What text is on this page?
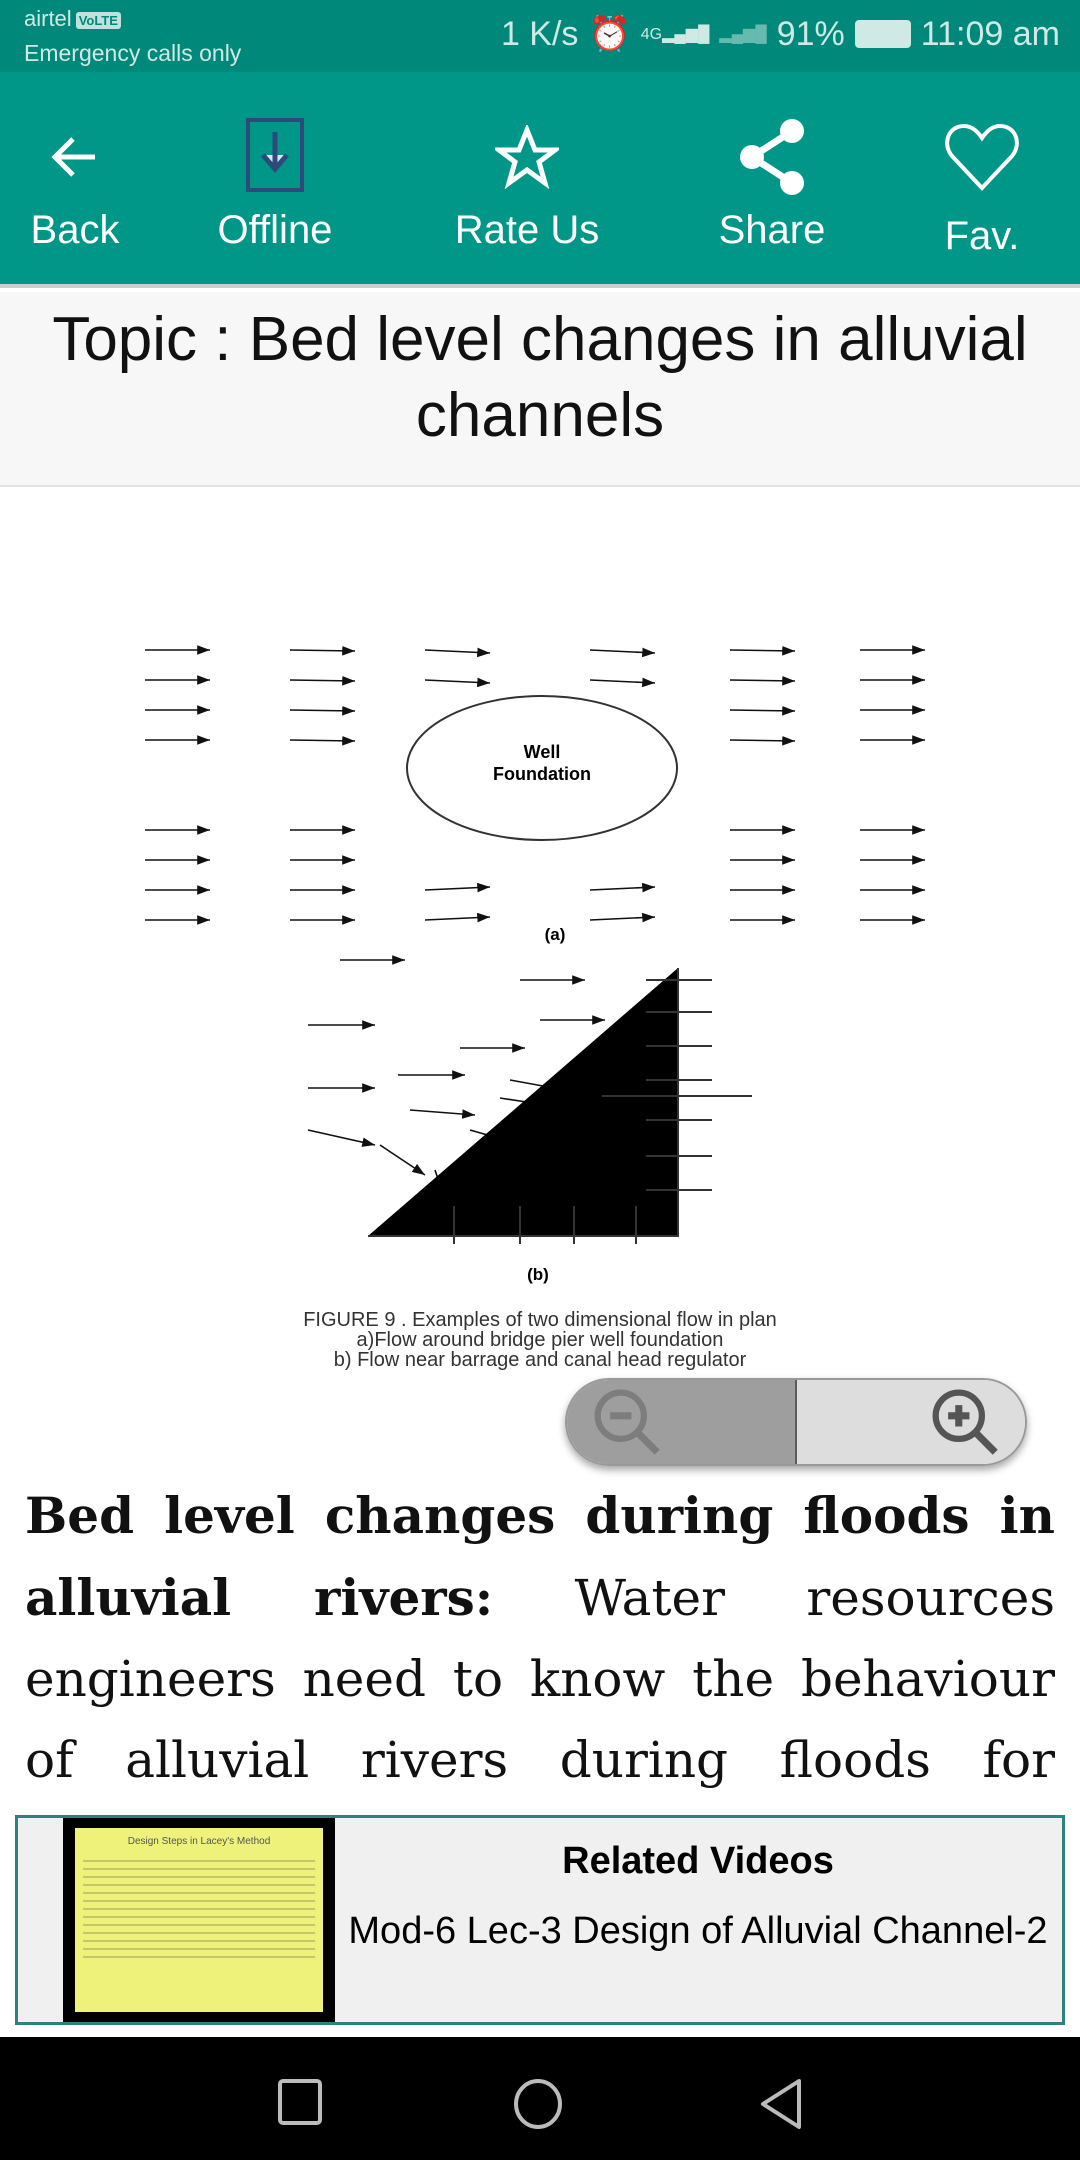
airtel VoLTE
Emergency calls only
1 K/s ⏰ 4G▂▄▆█ ▂▄▆█ 91% 11:09 am
Back	Offline	Rate Us	Share	Fav.
Topic : Bed level changes in alluvial channels
Well
Foundation
(a)
(b)
FIGURE 9 . Examples of two dimensional flow in plan
a)Flow around bridge pier well foundation
b) Flow near barrage and canal head regulator
Bed level changes during floods in alluvial rivers: Water resources engineers need to know the behaviour of alluvial rivers during floods for
Design Steps in Lacey's Method	Related Videos
Mod-6 Lec-3 Design of Alluvial Channel-2
